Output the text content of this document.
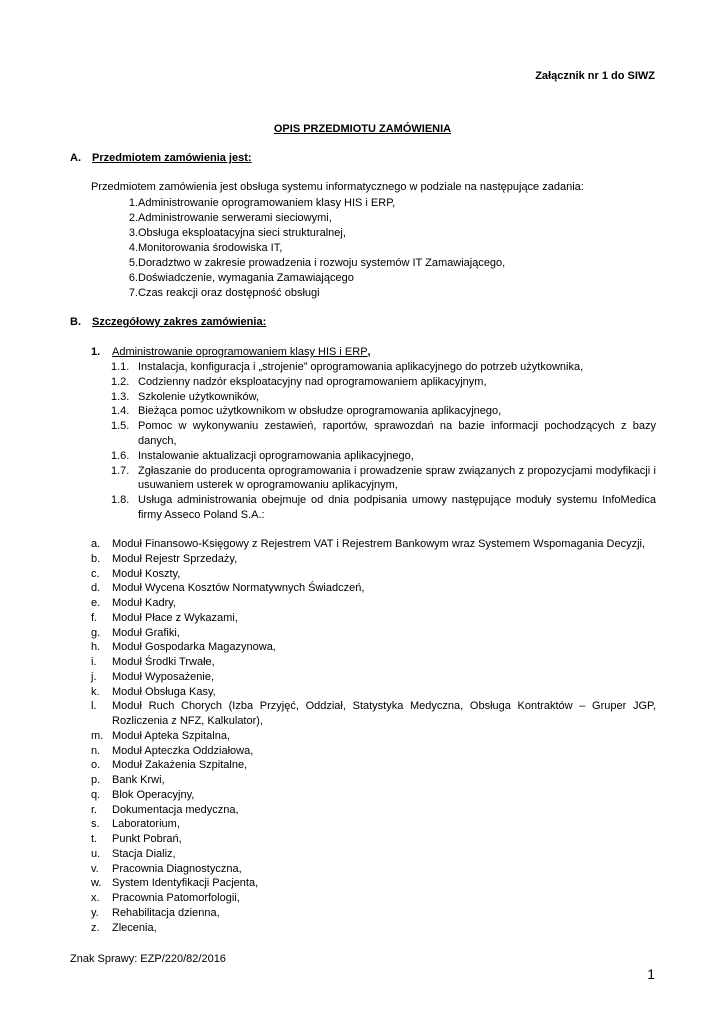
Załącznik nr 1 do SIWZ
OPIS PRZEDMIOTU ZAMÓWIENIA
A. Przedmiotem zamówienia jest:
Przedmiotem zamówienia jest obsługa systemu informatycznego w podziale na następujące zadania:
1. Administrowanie oprogramowaniem klasy HIS i ERP,
2. Administrowanie serwerami sieciowymi,
3. Obsługa eksploatacyjna sieci strukturalnej,
4. Monitorowania środowiska IT,
5. Doradztwo w zakresie prowadzenia i rozwoju systemów IT Zamawiającego,
6. Doświadczenie, wymagania Zamawiającego
7. Czas reakcji oraz dostępność obsługi
B. Szczegółowy zakres zamówienia:
1.	Administrowanie oprogramowaniem klasy HIS i ERP,
1.1. Instalacja, konfiguracja i „strojenie” oprogramowania aplikacyjnego do potrzeb użytkownika,
1.2. Codzienny nadzór eksploatacyjny nad oprogramowaniem aplikacyjnym,
1.3. Szkolenie użytkowników,
1.4. Bieżąca pomoc użytkownikom w obsłudze oprogramowania aplikacyjnego,
1.5. Pomoc w wykonywaniu zestawień, raportów, sprawozdań na bazie informacji pochodzących z bazy danych,
1.6. Instalowanie aktualizacji oprogramowania aplikacyjnego,
1.7. Zgłaszanie do producenta oprogramowania i prowadzenie spraw związanych z propozycjami modyfikacji i usuwaniem usterek w oprogramowaniu aplikacyjnym,
1.8. Usługa administrowania obejmuje od dnia podpisania umowy następujące moduły systemu InfoMedica firmy Asseco Poland S.A.:
a.	Moduł Finansowo-Księgowy z Rejestrem VAT i Rejestrem Bankowym wraz Systemem Wspomagania Decyzji,
b.	Moduł Rejestr Sprzedaży,
c.	Moduł Koszty,
d.	Moduł Wycena Kosztów Normatywnych Świadczeń,
e.	Moduł Kadry,
f.	Moduł Płace z Wykazami,
g.	Moduł Grafiki,
h.	Moduł Gospodarka Magazynowa,
i.	Moduł Środki Trwałe,
j.	Moduł Wyposażenie,
k.	Moduł Obsługa Kasy,
l.	Moduł Ruch Chorych (Izba Przyjęć, Oddział, Statystyka Medyczna, Obsługa Kontraktów – Gruper JGP, Rozliczenia z NFZ, Kalkulator),
m. Moduł Apteka Szpitalna,
n.	Moduł Apteczka Oddziałowa,
o.	Moduł Zakażenia Szpitalne,
p.	Bank Krwi,
q.	Blok Operacyjny,
r.	Dokumentacja medyczna,
s.	Laboratorium,
t.	Punkt Pobrań,
u.	Stacja Dializ,
v.	Pracownia Diagnostyczna,
w. System Identyfikacji Pacjenta,
x.	Pracownia Patomorfologii,
y.	Rehabilitacja dzienna,
z.	Zlecenia,
Znak Sprawy: EZP/220/82/2016
1
